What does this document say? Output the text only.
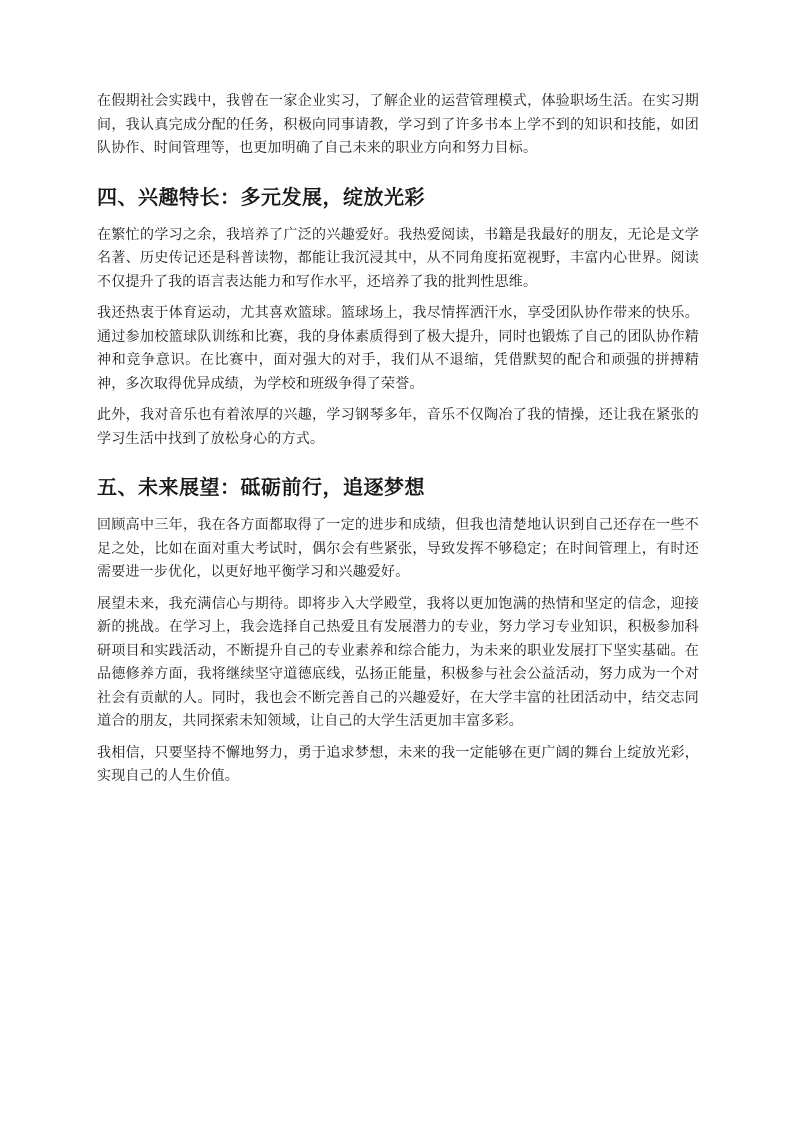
在假期社会实践中，我曾在一家企业实习，了解企业的运营管理模式，体验职场生活。在实习期间，我认真完成分配的任务，积极向同事请教，学习到了许多书本上学不到的知识和技能，如团队协作、时间管理等，也更加明确了自己未来的职业方向和努力目标。

四、兴趣特长：多元发展，绽放光彩

在繁忙的学习之余，我培养了广泛的兴趣爱好。我热爱阅读，书籍是我最好的朋友，无论是文学名著、历史传记还是科普读物，都能让我沉浸其中，从不同角度拓宽视野，丰富内心世界。阅读不仅提升了我的语言表达能力和写作水平，还培养了我的批判性思维。

我还热衷于体育运动，尤其喜欢篮球。篮球场上，我尽情挥洒汗水，享受团队协作带来的快乐。通过参加校篮球队训练和比赛，我的身体素质得到了极大提升，同时也锻炼了自己的团队协作精神和竞争意识。在比赛中，面对强大的对手，我们从不退缩，凭借默契的配合和顽强的拼搏精神，多次取得优异成绩，为学校和班级争得了荣誉。

此外，我对音乐也有着浓厚的兴趣，学习钢琴多年，音乐不仅陶冶了我的情操，还让我在紧张的学习生活中找到了放松身心的方式。

五、未来展望：砥砺前行，追逐梦想

回顾高中三年，我在各方面都取得了一定的进步和成绩，但我也清楚地认识到自己还存在一些不足之处，比如在面对重大考试时，偶尔会有些紧张，导致发挥不够稳定；在时间管理上，有时还需要进一步优化，以更好地平衡学习和兴趣爱好。

展望未来，我充满信心与期待。即将步入大学殿堂，我将以更加饱满的热情和坚定的信念，迎接新的挑战。在学习上，我会选择自己热爱且有发展潜力的专业，努力学习专业知识，积极参加科研项目和实践活动，不断提升自己的专业素养和综合能力，为未来的职业发展打下坚实基础。在品德修养方面，我将继续坚守道德底线，弘扬正能量，积极参与社会公益活动，努力成为一个对社会有贡献的人。同时，我也会不断完善自己的兴趣爱好，在大学丰富的社团活动中，结交志同道合的朋友，共同探索未知领域，让自己的大学生活更加丰富多彩。

我相信，只要坚持不懈地努力，勇于追求梦想，未来的我一定能够在更广阔的舞台上绽放光彩，实现自己的人生价值。
